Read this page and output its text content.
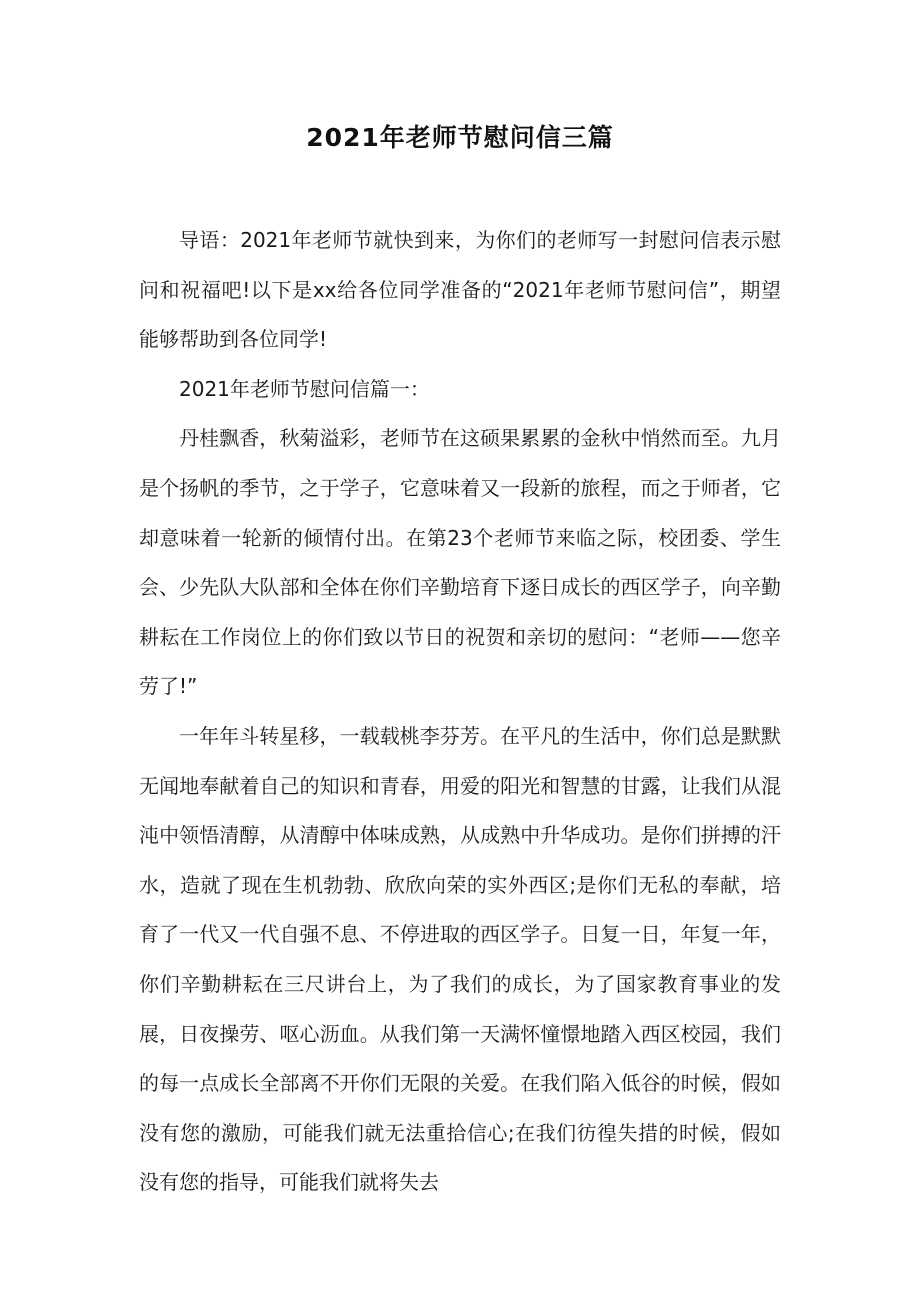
2021年老师节慰问信三篇

导语：2021年老师节就快到来，为你们的老师写一封慰问信表示慰问和祝福吧!以下是xx给各位同学准备的“2021年老师节慰问信”，期望能够帮助到各位同学!

2021年老师节慰问信篇一：

丹桂飘香，秋菊溢彩，老师节在这硕果累累的金秋中悄然而至。九月是个扬帆的季节，之于学子，它意味着又一段新的旅程，而之于师者，它却意味着一轮新的倾情付出。在第23个老师节来临之际，校团委、学生会、少先队大队部和全体在你们辛勤培育下逐日成长的西区学子，向辛勤耕耘在工作岗位上的你们致以节日的祝贺和亲切的慰问：“老师——您辛劳了!”

一年年斗转星移，一载载桃李芬芳。在平凡的生活中，你们总是默默无闻地奉献着自己的知识和青春，用爱的阳光和智慧的甘露，让我们从混沌中领悟清醇，从清醇中体味成熟，从成熟中升华成功。是你们拼搏的汗水，造就了现在生机勃勃、欣欣向荣的实外西区;是你们无私的奉献，培育了一代又一代自强不息、不停进取的西区学子。日复一日，年复一年，你们辛勤耕耘在三尺讲台上，为了我们的成长，为了国家教育事业的发展，日夜操劳、呕心沥血。从我们第一天满怀憧憬地踏入西区校园，我们的每一点成长全部离不开你们无限的关爱。在我们陷入低谷的时候，假如没有您的激励，可能我们就无法重拾信心;在我们彷徨失措的时候，假如没有您的指导，可能我们就将失去
